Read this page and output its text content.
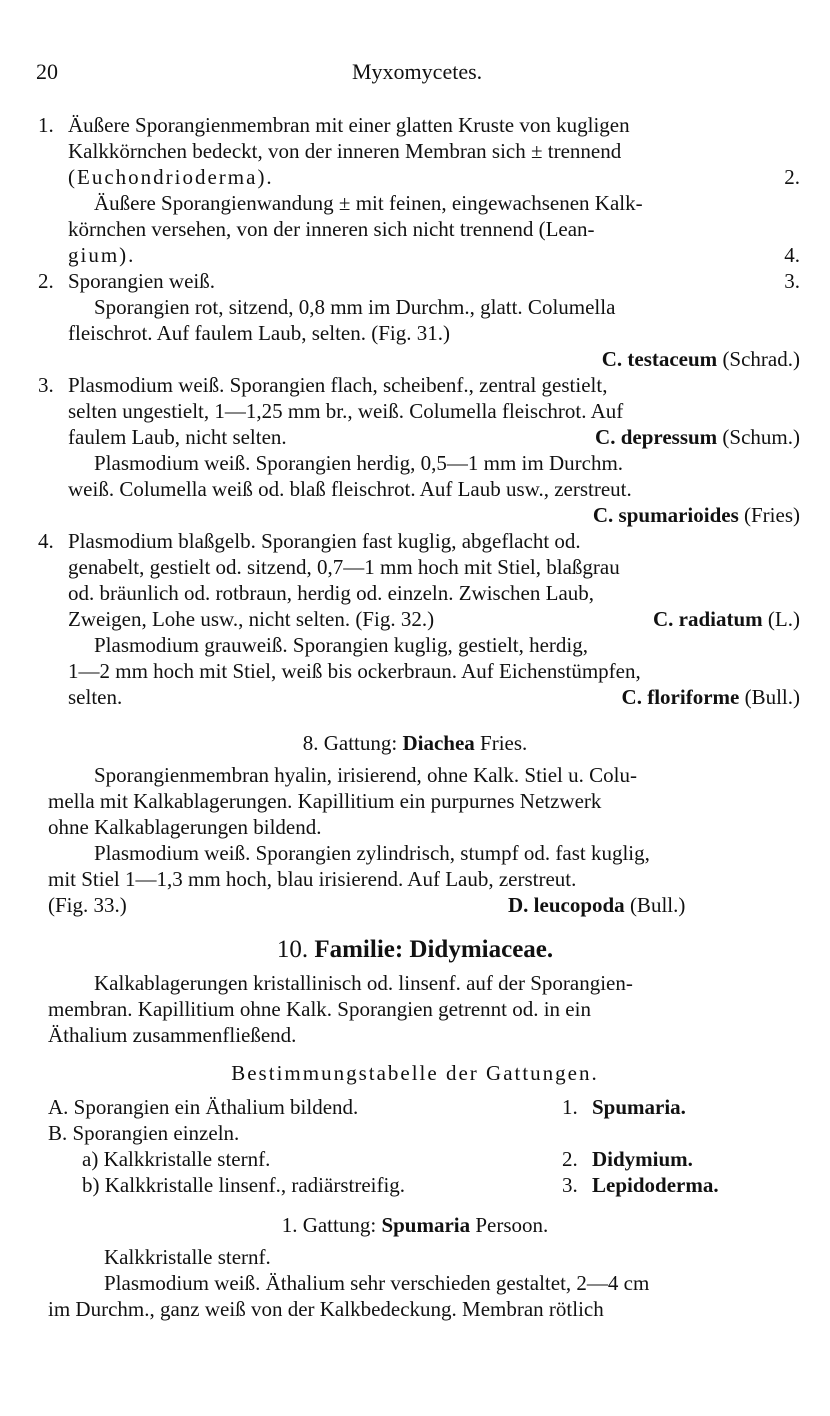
20	Myxomycetes.
1. Äußere Sporangienmembran mit einer glatten Kruste von kugligen
Kalkkörnchen bedeckt, von der inneren Membran sich ± trennend
(Euchondrioderma).	2.
Äußere Sporangienwandung ± mit feinen, eingewachsenen Kalk-
körnchen versehen, von der inneren sich nicht trennend (Lean-
gium).	4.
2. Sporangien weiß.	3.
Sporangien rot, sitzend, 0,8 mm im Durchm., glatt. Columella
fleischrot. Auf faulem Laub, selten. (Fig. 31.)
C. testaceum (Schrad.)
3. Plasmodium weiß. Sporangien flach, scheibenf., zentral gestielt,
selten ungestielt, 1—1,25 mm br., weiß. Columella fleischrot. Auf
faulem Laub, nicht selten.	C. depressum (Schum.)
Plasmodium weiß. Sporangien herdig, 0,5—1 mm im Durchm.
weiß. Columella weiß od. blaß fleischrot. Auf Laub usw., zerstreut.
C. spumarioides (Fries)
4. Plasmodium blaßgelb. Sporangien fast kuglig, abgeflacht od.
genabelt, gestielt od. sitzend, 0,7—1 mm hoch mit Stiel, blaßgrau
od. bräunlich od. rotbraun, herdig od. einzeln. Zwischen Laub,
Zweigen, Lohe usw., nicht selten. (Fig. 32.)	C. radiatum (L.)
Plasmodium grauweiß. Sporangien kuglig, gestielt, herdig,
1—2 mm hoch mit Stiel, weiß bis ockerbraun. Auf Eichenstümpfen,
selten.	C. floriforme (Bull.)
8. Gattung: Diachea Fries.
Sporangienmembran hyalin, irisierend, ohne Kalk. Stiel u. Colu-
mella mit Kalkablagerungen. Kapillitium ein purpurnes Netzwerk
ohne Kalkablagerungen bildend.
Plasmodium weiß. Sporangien zylindrisch, stumpf od. fast kuglig,
mit Stiel 1—1,3 mm hoch, blau irisierend. Auf Laub, zerstreut.
(Fig. 33.)	D. leucopoda (Bull.)
10. Familie: Didymiaceae.
Kalkablagerungen kristallinisch od. linsenf. auf der Sporangien-
membran. Kapillitium ohne Kalk. Sporangien getrennt od. in ein
Äthalium zusammenfließend.
Bestimmungstabelle der Gattungen.
A. Sporangien ein Äthalium bildend.	1. Spumaria.
B. Sporangien einzeln.
a) Kalkkristalle sternf.	2. Didymium.
b) Kalkkristalle linsenf., radiärstreifig.	3. Lepidoderma.
1. Gattung: Spumaria Persoon.
Kalkkristalle sternf.
Plasmodium weiß. Äthalium sehr verschieden gestaltet, 2—4 cm
im Durchm., ganz weiß von der Kalkbedeckung. Membran rötlich
